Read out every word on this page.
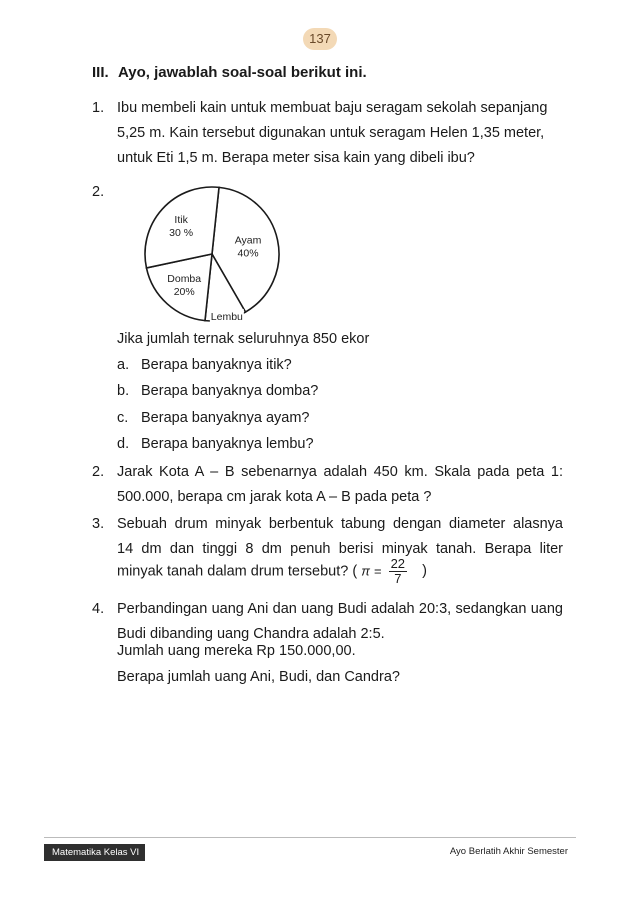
137
III. Ayo, jawablah soal-soal berikut ini.
1. Ibu membeli kain untuk membuat baju seragam sekolah sepanjang
5,25 m. Kain tersebut digunakan untuk seragam Helen 1,35 meter,
untuk Eti 1,5 m. Berapa meter sisa kain yang dibeli ibu?
2.
Ayam
40%
Lembu
Domba
20%
Itik
30 %
Jika jumlah ternak seluruhnya 850 ekor
a. Berapa banyaknya itik?
b. Berapa banyaknya domba?
c. Berapa banyaknya ayam?
d. Berapa banyaknya lembu?
2. Jarak Kota A – B sebenarnya adalah 450 km. Skala pada peta 1:
500.000, berapa cm jarak kota A – B pada peta ?
3. Sebuah drum minyak berbentuk tabung dengan diameter alasnya
14 dm dan tinggi 8 dm penuh berisi minyak tanah. Berapa liter
minyak tanah dalam drum tersebut? ( $\pi = \frac{22}{7}$ )
4. Perbandingan uang Ani dan uang Budi adalah 20:3, sedangkan uang
Budi dibanding uang Chandra adalah 2:5.
Jumlah uang mereka Rp 150.000,00.
Berapa jumlah uang Ani, Budi, dan Candra?
Matematika Kelas VI	Ayo Berlatih Akhir Semester
